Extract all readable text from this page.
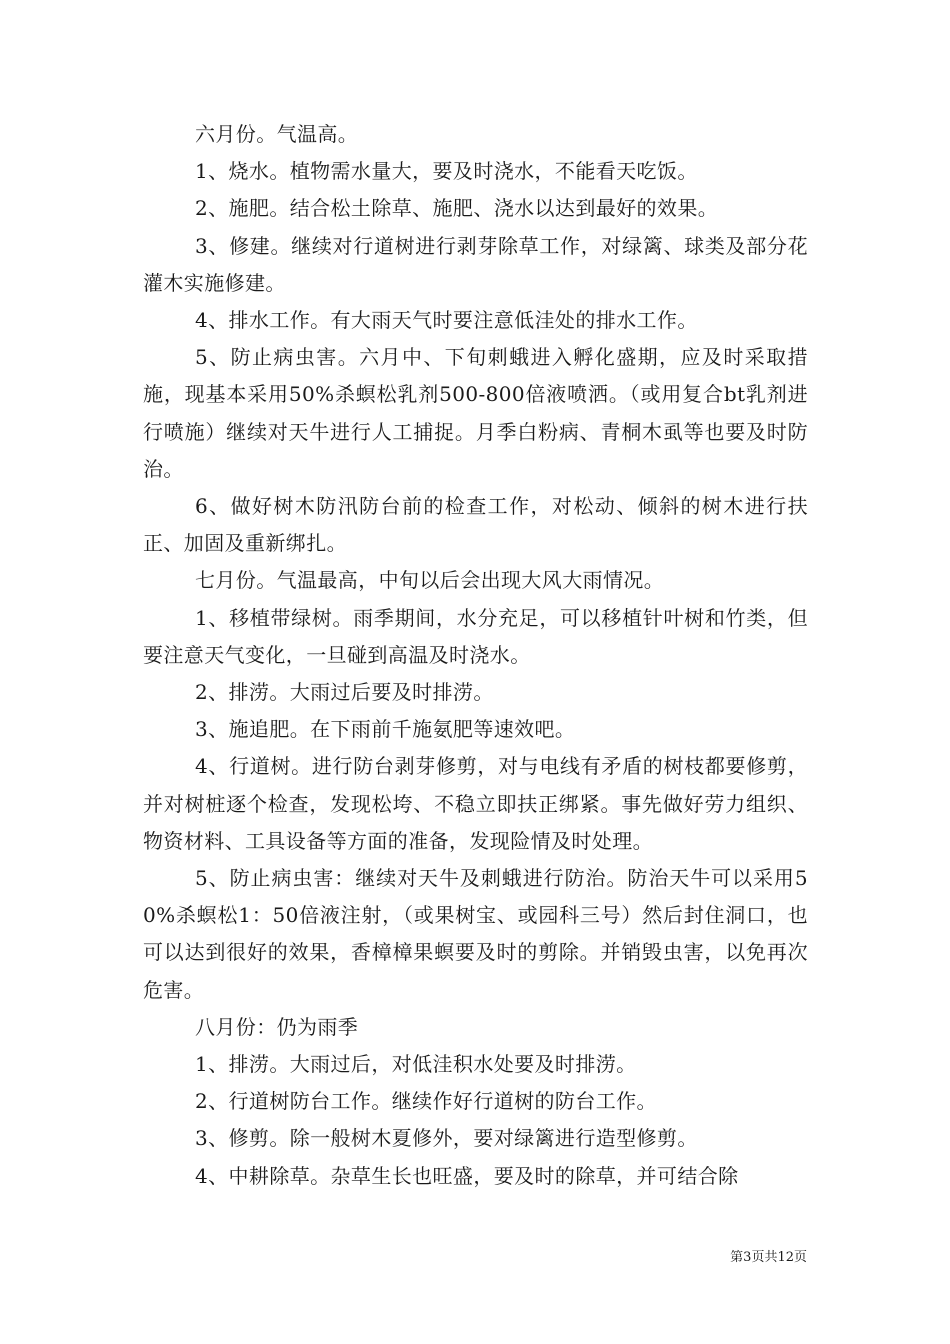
六月份。气温高。

1、烧水。植物需水量大，要及时浇水，不能看天吃饭。

2、施肥。结合松土除草、施肥、浇水以达到最好的效果。

3、修建。继续对行道树进行剥芽除草工作，对绿篱、球类及部分花灌木实施修建。

4、排水工作。有大雨天气时要注意低洼处的排水工作。

5、防止病虫害。六月中、下旬刺蛾进入孵化盛期，应及时采取措施，现基本采用50%杀螟松乳剂500-800倍液喷洒。（或用复合bt乳剂进行喷施）继续对天牛进行人工捕捉。月季白粉病、青桐木虱等也要及时防治。

6、做好树木防汛防台前的检查工作，对松动、倾斜的树木进行扶正、加固及重新绑扎。

七月份。气温最高，中旬以后会出现大风大雨情况。

1、移植带绿树。雨季期间，水分充足，可以移植针叶树和竹类，但要注意天气变化，一旦碰到高温及时浇水。

2、排涝。大雨过后要及时排涝。

3、施追肥。在下雨前千施氨肥等速效吧。

4、行道树。进行防台剥芽修剪，对与电线有矛盾的树枝都要修剪，并对树桩逐个检查，发现松垮、不稳立即扶正绑紧。事先做好劳力组织、物资材料、工具设备等方面的准备，发现险情及时处理。

5、防止病虫害：继续对天牛及刺蛾进行防治。防治天牛可以采用50%杀螟松1：50倍液注射，（或果树宝、或园科三号）然后封住洞口，也可以达到很好的效果，香樟樟果螟要及时的剪除。并销毁虫害，以免再次危害。

八月份：仍为雨季

1、排涝。大雨过后，对低洼积水处要及时排涝。

2、行道树防台工作。继续作好行道树的防台工作。

3、修剪。除一般树木夏修外，要对绿篱进行造型修剪。

4、中耕除草。杂草生长也旺盛，要及时的除草，并可结合除

第3页共12页
